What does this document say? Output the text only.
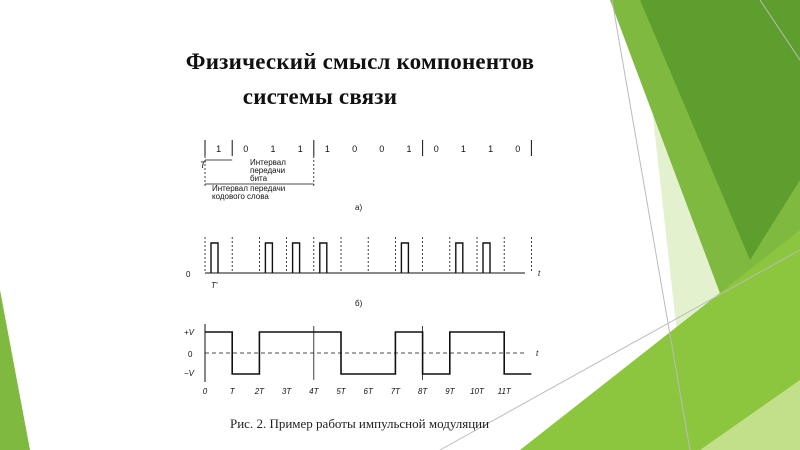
Физический смысл компонентов
системы связи
1 0 1 1 1 0 0 1 0 1 1 0
T	Интервал
передачи
бита
Интервал передачи
кодового слова
а)
0	t
T'
б)
+V
0
−V
t
0	T	2T 3T 4T 5T 6T 7T 8T 9T 10T 11T
Рис. 2. Пример работы импульсной модуляции
